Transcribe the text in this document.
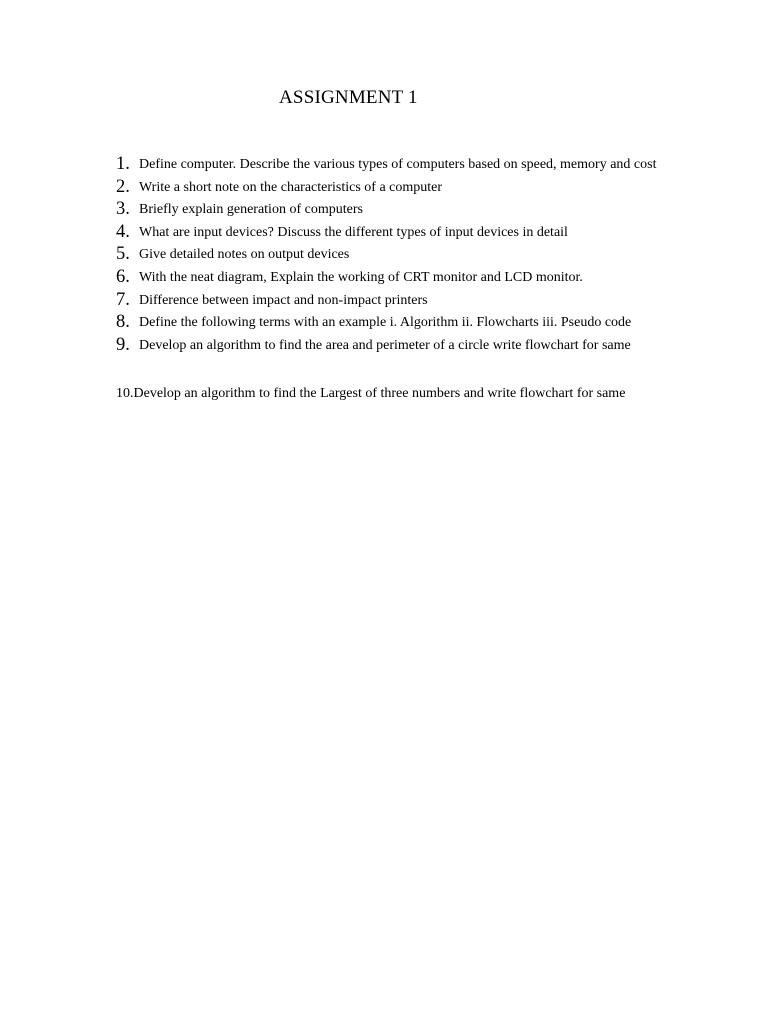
ASSIGNMENT 1
1. Define computer. Describe the various types of computers based on speed, memory and cost
2. Write a short note on the characteristics of a computer
3. Briefly explain generation of computers
4. What are input devices? Discuss the different types of input devices in detail
5. Give detailed notes on output devices
6. With the neat diagram, Explain the working of CRT monitor and LCD monitor.
7. Difference between impact and non-impact printers
8. Define the following terms with an example i. Algorithm ii. Flowcharts iii. Pseudo code
9. Develop an algorithm to find the area and perimeter of a circle write flowchart for same
10.Develop an algorithm to find the Largest of three numbers and write flowchart for same
